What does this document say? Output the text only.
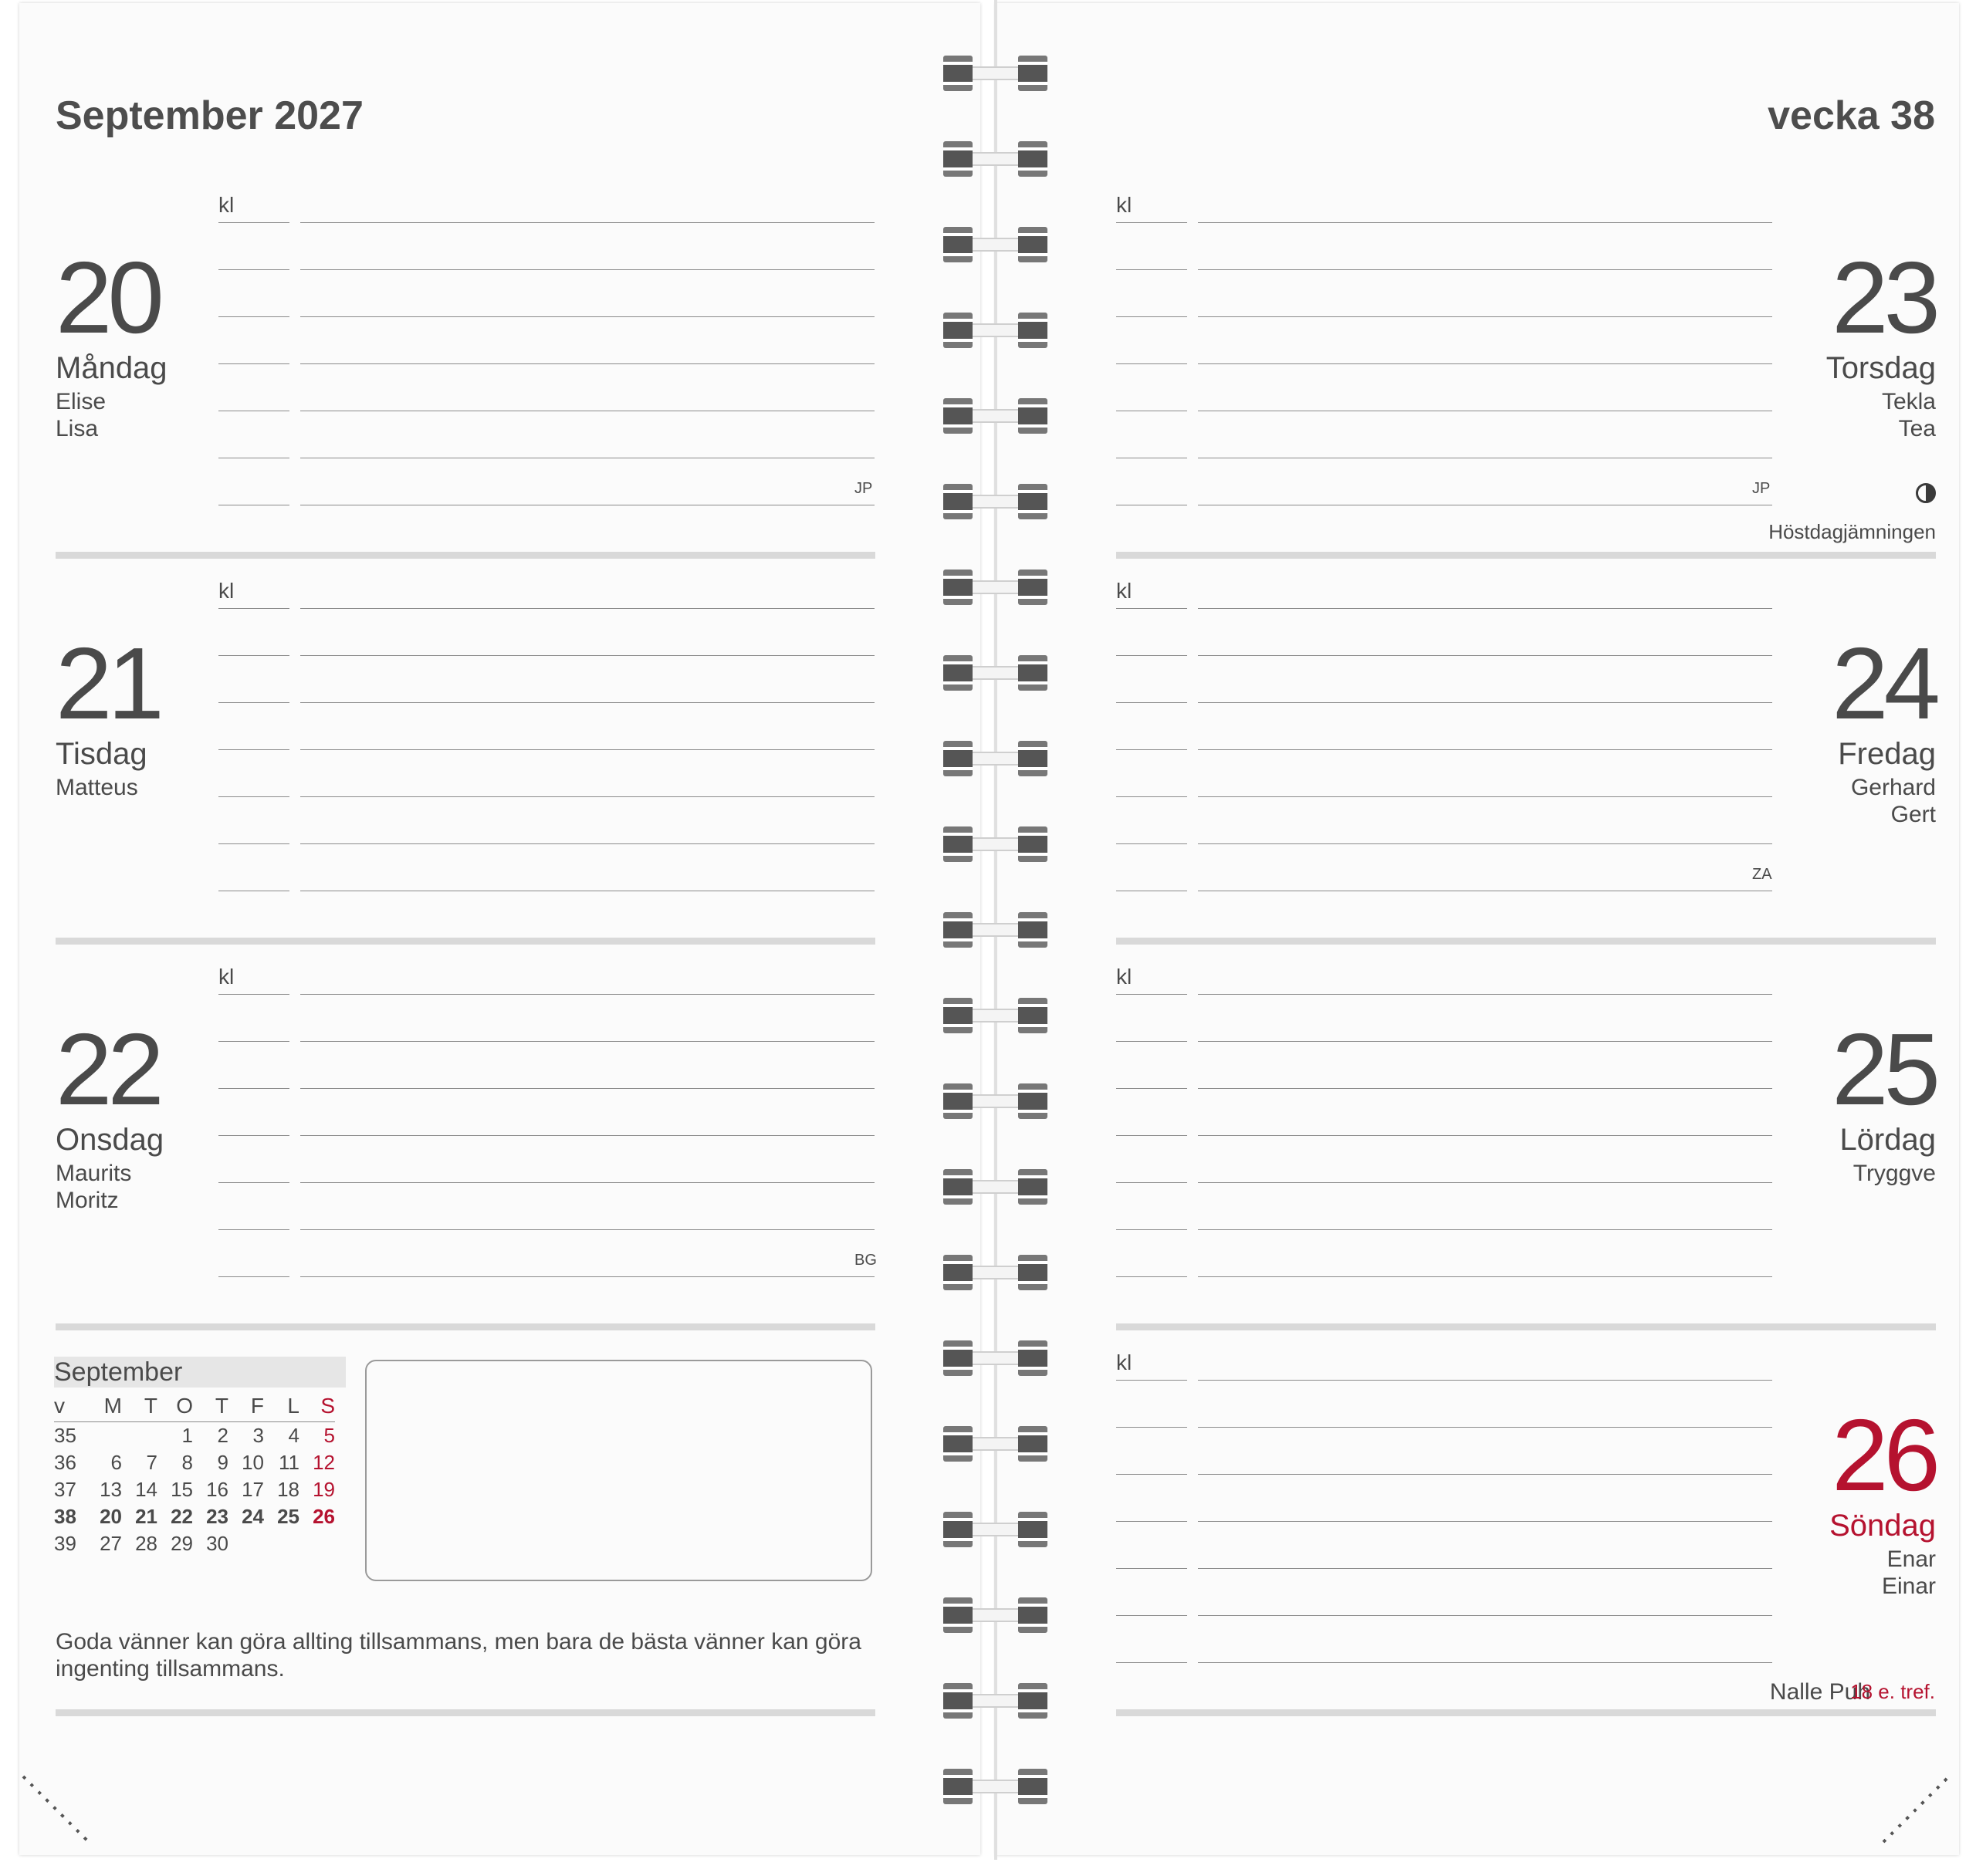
September 2027	vecka 38
20
Måndag
Elise
Lisa
kl
JP
21
Tisdag
Matteus
kl
22
Onsdag
Maurits
Moritz
kl
BG
23
Torsdag
Tekla
Tea
kl
JP
Höstdagjämningen
24
Fredag
Gerhard
Gert
kl
ZA
25
Lördag
Tryggve
kl
26
Söndag
Enar
Einar
kl
September
v	M	T	O	T	F	L	S
35			1	2	3	4	5
36	6	7	8	9	10	11	12
37	13	14	15	16	17	18	19
38	20	21	22	23	24	25	26
39	27	28	29	30			
Goda vänner kan göra allting tillsammans, men bara de bästa vänner kan göra ingenting tillsammans.
Nalle Puh
18 e. tref.
